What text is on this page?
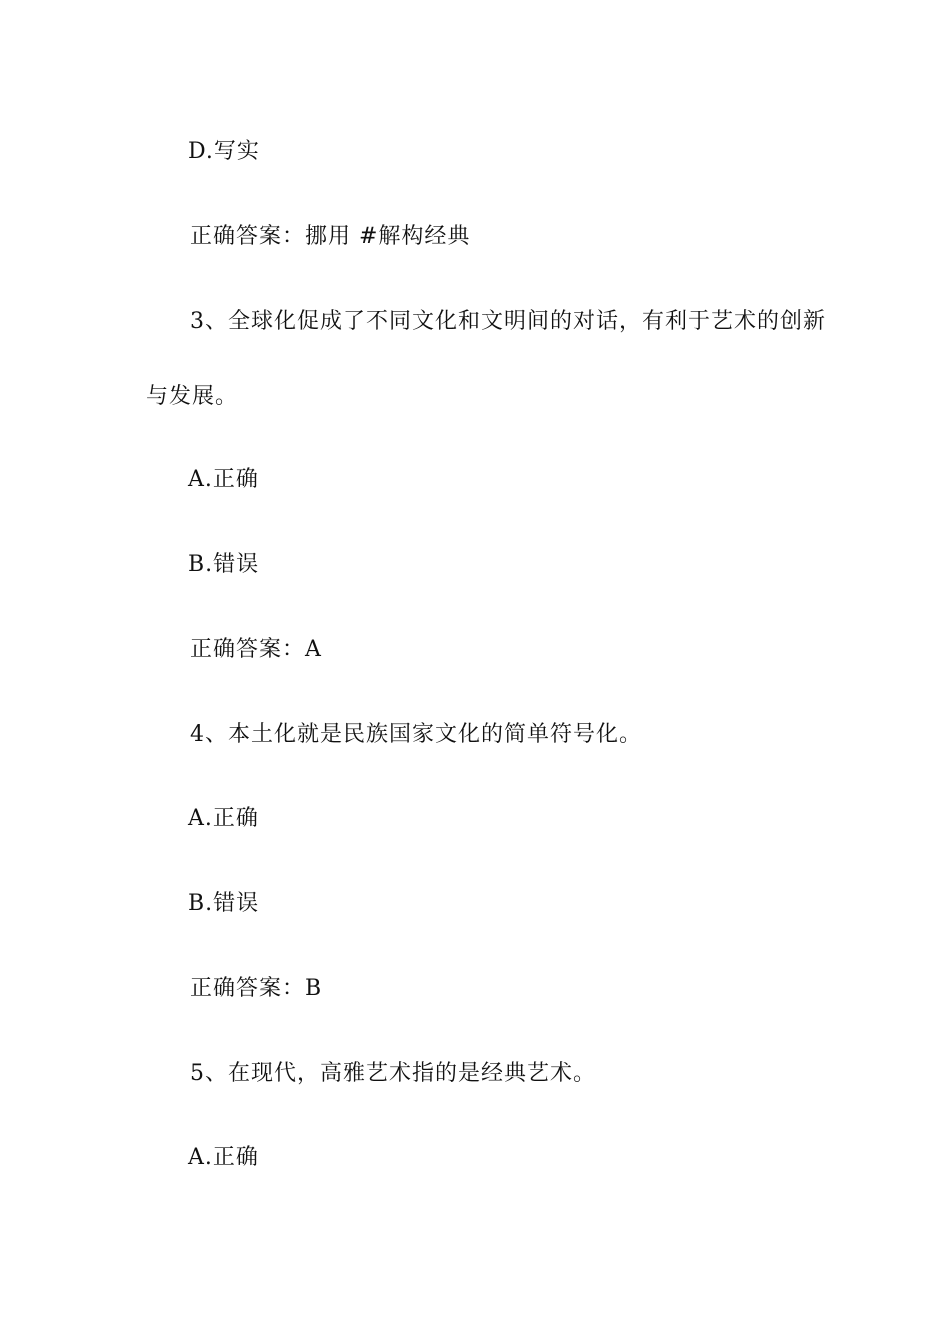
D.写实
正确答案：挪用 #解构经典
3、全球化促成了不同文化和文明间的对话，有利于艺术的创新
与发展。
A.正确
B.错误
正确答案：A
4、本土化就是民族国家文化的简单符号化。
A.正确
B.错误
正确答案：B
5、在现代，高雅艺术指的是经典艺术。
A.正确
